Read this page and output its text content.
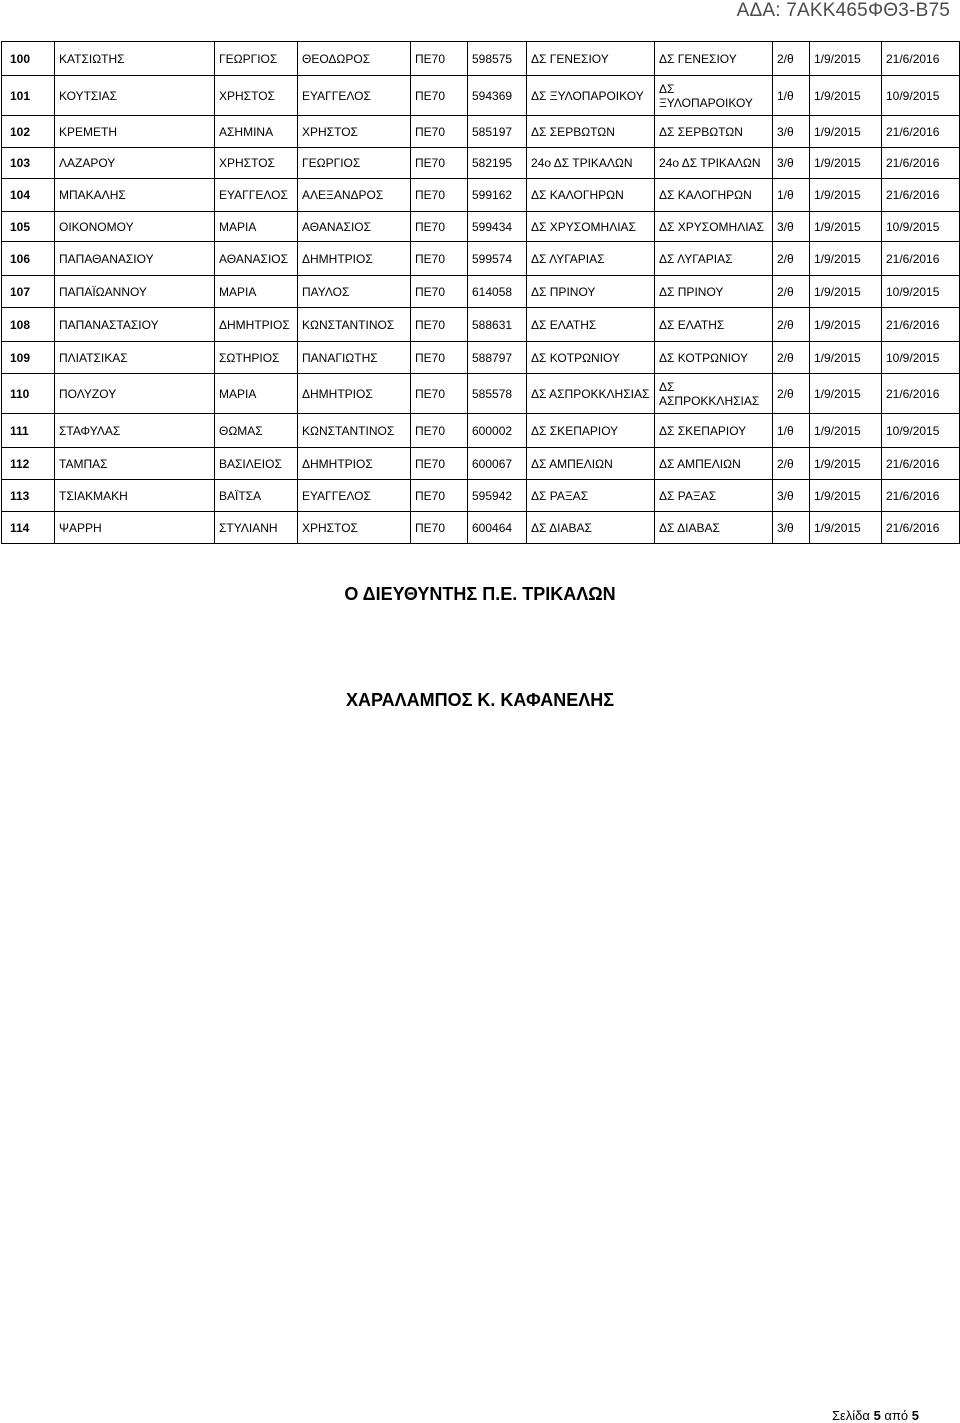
ΑΔΑ: 7ΑΚΚ465ΦΘ3-Β75
100	ΚΑΤΣΙΩΤΗΣ	ΓΕΩΡΓΙΟΣ	ΘΕΟΔΩΡΟΣ	ΠΕ70	598575	ΔΣ ΓΕΝΕΣΙΟΥ	ΔΣ ΓΕΝΕΣΙΟΥ	2/θ	1/9/2015	21/6/2016
101	ΚΟΥΤΣΙΑΣ	ΧΡΗΣΤΟΣ	ΕΥΑΓΓΕΛΟΣ	ΠΕ70	594369	ΔΣ ΞΥΛΟΠΑΡΟΙΚΟΥ	ΔΣ ΞΥΛΟΠΑΡΟΙΚΟΥ	1/θ	1/9/2015	10/9/2015
102	ΚΡΕΜΕΤΗ	ΑΣΗΜΙΝΑ	ΧΡΗΣΤΟΣ	ΠΕ70	585197	ΔΣ ΣΕΡΒΩΤΩΝ	ΔΣ ΣΕΡΒΩΤΩΝ	3/θ	1/9/2015	21/6/2016
103	ΛΑΖΑΡΟΥ	ΧΡΗΣΤΟΣ	ΓΕΩΡΓΙΟΣ	ΠΕ70	582195	24ο ΔΣ ΤΡΙΚΑΛΩΝ	24ο ΔΣ ΤΡΙΚΑΛΩΝ	3/θ	1/9/2015	21/6/2016
104	ΜΠΑΚΑΛΗΣ	ΕΥΑΓΓΕΛΟΣ	ΑΛΕΞΑΝΔΡΟΣ	ΠΕ70	599162	ΔΣ ΚΑΛΟΓΗΡΩΝ	ΔΣ ΚΑΛΟΓΗΡΩΝ	1/θ	1/9/2015	21/6/2016
105	ΟΙΚΟΝΟΜΟΥ	ΜΑΡΙΑ	ΑΘΑΝΑΣΙΟΣ	ΠΕ70	599434	ΔΣ ΧΡΥΣΟΜΗΛΙΑΣ	ΔΣ ΧΡΥΣΟΜΗΛΙΑΣ	3/θ	1/9/2015	10/9/2015
106	ΠΑΠΑΘΑΝΑΣΙΟΥ	ΑΘΑΝΑΣΙΟΣ	ΔΗΜΗΤΡΙΟΣ	ΠΕ70	599574	ΔΣ ΛΥΓΑΡΙΑΣ	ΔΣ ΛΥΓΑΡΙΑΣ	2/θ	1/9/2015	21/6/2016
107	ΠΑΠΑΪΩΑΝΝΟΥ	ΜΑΡΙΑ	ΠΑΥΛΟΣ	ΠΕ70	614058	ΔΣ ΠΡΙΝΟΥ	ΔΣ ΠΡΙΝΟΥ	2/θ	1/9/2015	10/9/2015
108	ΠΑΠΑΝΑΣΤΑΣΙΟΥ	ΔΗΜΗΤΡΙΟΣ	ΚΩΝΣΤΑΝΤΙΝΟΣ	ΠΕ70	588631	ΔΣ ΕΛΑΤΗΣ	ΔΣ ΕΛΑΤΗΣ	2/θ	1/9/2015	21/6/2016
109	ΠΛΙΑΤΣΙΚΑΣ	ΣΩΤΗΡΙΟΣ	ΠΑΝΑΓΙΩΤΗΣ	ΠΕ70	588797	ΔΣ ΚΟΤΡΩΝΙΟΥ	ΔΣ ΚΟΤΡΩΝΙΟΥ	2/θ	1/9/2015	10/9/2015
110	ΠΟΛΥΖΟΥ	ΜΑΡΙΑ	ΔΗΜΗΤΡΙΟΣ	ΠΕ70	585578	ΔΣ ΑΣΠΡΟΚΚΛΗΣΙΑΣ	ΔΣ ΑΣΠΡΟΚΚΛΗΣΙΑΣ	2/θ	1/9/2015	21/6/2016
111	ΣΤΑΦΥΛΑΣ	ΘΩΜΑΣ	ΚΩΝΣΤΑΝΤΙΝΟΣ	ΠΕ70	600002	ΔΣ ΣΚΕΠΑΡΙΟΥ	ΔΣ ΣΚΕΠΑΡΙΟΥ	1/θ	1/9/2015	10/9/2015
112	ΤΑΜΠΑΣ	ΒΑΣΙΛΕΙΟΣ	ΔΗΜΗΤΡΙΟΣ	ΠΕ70	600067	ΔΣ ΑΜΠΕΛΙΩΝ	ΔΣ ΑΜΠΕΛΙΩΝ	2/θ	1/9/2015	21/6/2016
113	ΤΣΙΑΚΜΑΚΗ	ΒΑΪΤΣΑ	ΕΥΑΓΓΕΛΟΣ	ΠΕ70	595942	ΔΣ ΡΑΞΑΣ	ΔΣ ΡΑΞΑΣ	3/θ	1/9/2015	21/6/2016
114	ΨΑΡΡΗ	ΣΤΥΛΙΑΝΗ	ΧΡΗΣΤΟΣ	ΠΕ70	600464	ΔΣ ΔΙΑΒΑΣ	ΔΣ ΔΙΑΒΑΣ	3/θ	1/9/2015	21/6/2016
Ο ΔΙΕΥΘΥΝΤΗΣ Π.Ε. ΤΡΙΚΑΛΩΝ
ΧΑΡΑΛΑΜΠΟΣ Κ. ΚΑΦΑΝΕΛΗΣ
Σελίδα 5 από 5
